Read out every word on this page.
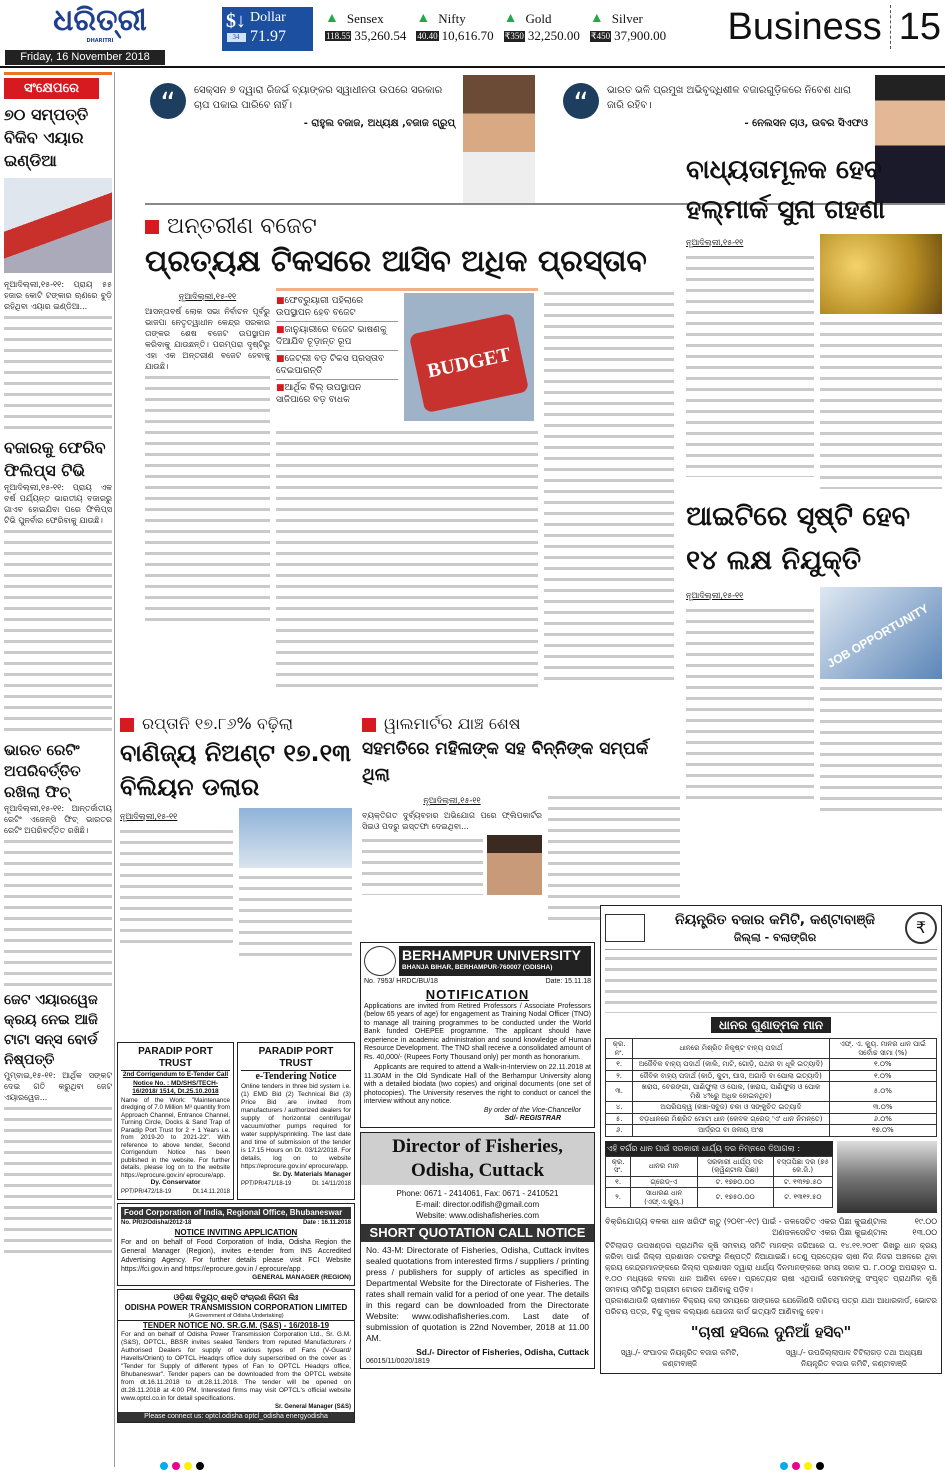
ଧରିତ୍ରୀ
DHARITRI
Friday, 16 November 2018
$↓
34
Dollar
71.97
▲ Sensex
118.55 35,260.54
▲ Nifty
40.40 10,616.70
▲ Gold
₹350 32,250.00
▲ Silver
₹450 37,900.00 Business 15
ସଂକ୍ଷେପରେ
୭୦ ସମ୍ପତ୍ତି ବିକିବ ଏୟାର ଇଣ୍ଡିଆ
ନୂଆଦିଲ୍ଲୀ,୧୫-୧୧: ପ୍ରାୟ ୫୫ ହଜାର କୋଟି ଟଙ୍କାର ଋଣରେ ବୁଡ଼ି ରହିଥିବା ଏୟାର ଇଣ୍ଡିଆ...
ବଜାରକୁ ଫେରିବ ଫିଲିପ୍ସ ଟିଭି
ନୂଆଦିଲ୍ଲୀ,୧୫-୧୧: ପ୍ରାୟ ଏକ ବର୍ଷ ପର୍ଯ୍ୟନ୍ତ ଭାରତୀୟ ବଜାରରୁ ଗାଏବ ହୋଇଯିବା ପରେ ଫିଲିପ୍ସ ଟିଭି ପୁନର୍ବାର ଫେରିବାକୁ ଯାଉଛି।
ଭାରତ ରେଟିଂ ଅପରିବର୍ତ୍ତିତ ରଖିଲା ଫିଚ୍
ନୂଆଦିଲ୍ଲୀ,୧୫-୧୧: ଆନ୍ତର୍ଜାତୀୟ ରେଟିଂ ଏଜେନ୍ସି ଫିଚ୍ ଭାରତର ରେଟିଂ ଅପରିବର୍ତ୍ତିତ ରଖିଛି।
ଜେଟ ଏୟାରୱେଜ କ୍ରୟ ନେଇ ଆଜି ଟାଟା ସନ୍ସ ବୋର୍ଡ ନିଷ୍ପତ୍ତି
ମୁମ୍ବାଇ,୧୫-୧୧: ଆର୍ଥିକ ସଙ୍କଟ ଦେଇ ଗତି କରୁଥିବା ଜେଟ ଏୟାରୱେଜ...
“	ସେକ୍ସନ ୭ ଦ୍ୱାରା ରିଜର୍ଭ ବ୍ୟାଙ୍କର ସ୍ୱାଧୀନତା ଉପରେ ସରକାର ଚାପ ପକାଇ ପାରିବେ ନାହିଁ।
- ରାହୁଲ ବଜାଜ, ଅଧ୍ୟକ୍ଷ ,ବଜାଜ ଗ୍ରୁପ୍
“	ଭାରତ ଭଳି ପ୍ରମୁଖ ଅଭିବୃଦ୍ଧିଶୀଳ ବଜାରଗୁଡ଼ିକରେ ନିବେଶ ଧାରା ଜାରି ରହିବ।
- ନେଲସନ ଚାଓ, ଉବର ସିଏଫଓ
ଅନ୍ତରୀଣ ବଜେଟ
ପ୍ରତ୍ୟକ୍ଷ ଟିକସରେ ଆସିବ ଅଧିକ ପ୍ରସ୍ତାବ
ନୂଆଦିଲ୍ଲୀ,୧୫-୧୧
ଆସନ୍ତାବର୍ଷ ଲୋକ ସଭା ନିର୍ବାଚନ ପୂର୍ବରୁ ଭାଜପା ନେତୃତ୍ୱାଧୀନ କେନ୍ଦ୍ର ସରକାର ତାଙ୍କର ଶେଷ ବଜେଟ ଉପସ୍ଥାପନ କରିବାକୁ ଯାଉଛନ୍ତି। ପରମ୍ପରା ଦୃଷ୍ଟିରୁ ଏହା ଏକ ଅନ୍ତରୀଣ ବଜେଟ ହେବାକୁ ଯାଉଛି।
■ଫେବ୍ରୁୟାରୀ ପହିଲାରେ ଉପସ୍ଥାପନ ହେବ ବଜେଟ
■ଜାନୁୟାରୀରେ ବଜେଟ ଭାଷଣକୁ ଦିଆଯିବ ଚୂଡ଼ାନ୍ତ ରୂପ
■ଜେଟ୍‌ଲୀ ବଡ଼ ଟିକସ ପ୍ରସ୍ତାବ ଦେଇପାରନ୍ତି
■ଆର୍ଥିକ ବିଲ୍ ଉପସ୍ଥାପନ ସାଜିପାରେ ବଡ଼ ବାଧକ
BUDGET
ବାଧ୍ୟତାମୂଳକ ହେବ ହଲ୍‌ମାର୍କ ସୁନା ଗହଣା
ନୂଆଦିଲ୍ଲୀ,୧୫-୧୧
ଆଇଟିରେ ସୃଷ୍ଟି ହେବ ୧୪ ଲକ୍ଷ ନିଯୁକ୍ତି
ନୂଆଦିଲ୍ଲୀ,୧୫-୧୧
JOB OPPORTUNITY
ରପ୍ତାନି ୧୭.୮୬% ବଢ଼ିଲା
ବାଣିଜ୍ୟ ନିଅଣ୍ଟ ୧୭.୧୩ ବିଲିୟନ ଡଲାର
ନୂଆଦିଲ୍ଲୀ,୧୫-୧୧
ୱାଲମାର୍ଟର ଯାଞ୍ଚ ଶେଷ
ସହମତିରେ ମହିଳାଙ୍କ ସହ ବିନ୍ନିଙ୍କ ସମ୍ପର୍କ ଥିଲା
ନୂଆଦିଲ୍ଲୀ,୧୫-୧୧
ବ୍ୟକ୍ତିଗତ ଦୁର୍ବ୍ୟବହାର ଅଭିଯୋଗ ପରେ ଫ୍ଲିପକାର୍ଟର ସିଇଓ ପଦରୁ ଇସ୍ତଫା ଦେଇଥିବା...
PARADIP PORT TRUST
2nd Corrigendum to E-Tender Call Notice No. : MD/SHS/TECH-16/2018/ 1514, Dt.25.10.2018

Name of the Work: "Maintenance dredging of 7.0 Million M³ quantity from Approach Channel, Entrance Channel, Turning Circle, Docks & Sand Trap of Paradip Port Trust for 2 + 1 Years i.e. from 2019-20 to 2021-22". With reference to above tender, Second Corrigendum Notice has been published in the website. For further details, please log on to the website https://eprocure.gov.in/ eprocure/app.

Dy. Conservator
PPT/PR/472/18-19	Dt.14.11.2018
PARADIP PORT TRUST
e-Tendering Notice

Online tenders in three bid system i.e. (1) EMD Bid (2) Technical Bid (3) Price Bid are invited from manufacturers / authorized dealers for supply of horizontal centrifugal/ vacuum/other pumps required for water supply/sprinkling. The last date and time of submission of the tender is 17.15 Hours on Dt. 03/12/2018. For details, log on to website https://eprocure.gov.in/ eprocure/app.

Sr. Dy. Materials Manager
PPT/PR/471/18-19	Dt. 14/11/2018
Food Corporation of India, Regional Office, Bhubaneswar
No. PR/2/Odisha/2012-18	Date : 16.11.2018
NOTICE INVITING APPLICATION

For and on behalf of Food Corporation of India, Odisha Region the General Manager (Region), invites e-tender from INS Accredited Advertising Agency. For further details please visit FCI Website https://fci.gov.in and https://eprocure.gov.in / eprocure/app .

GENERAL MANAGER (REGION)
ଓଡ଼ିଶା ବିଦ୍ୟୁତ୍ ଶକ୍ତି ସଂଚାରଣ ନିଗମ ଲିଃ
ODISHA POWER TRANSMISSION CORPORATION LIMITED
(A Government of Odisha Undertaking)
TENDER NOTICE NO. SR.G.M. (S&S) - 16/2018-19

For and on behalf of Odisha Power Transmission Corporation Ltd., Sr. G.M. (S&S), OPTCL, BBSR invites sealed Tenders from reputed Manufacturers / Authorised Dealers for supply of various types of Fans (V-Guard/ Havells/Orient) to OPTCL Headqrs office duly superscribed on the cover as : "Tender for Supply of different types of Fan to OPTCL Headqrs office, Bhubaneswar". Tender papers can be downloaded from the OPTCL website from dt.16.11.2018 to dt.28.11.2018. The tender will be opened on dt.28.11.2018 at 4:00 PM. Interested firms may visit OPTCL's official website www.optcl.co.in for detail specifications.

Sr. General Manager (S&S)
Please connect us: optcl.odisha optcl_odisha energyodisha
BERHAMPUR UNIVERSITY
BHANJA BIHAR, BERHAMPUR-760007 (ODISHA)
No. 7953/ HRDC/BU/18	Date: 15.11.18
NOTIFICATION

Applications are invited from Retired Professors / Associate Professors (below 65 years of age) for engagement as Training Nodal Officer (TNO) to manage all training programmes to be conducted under the World Bank funded OHEPEE programme. The applicant should have experience in academic administration and sound knowledge of Human Resource Development. The TNO shall receive a consolidated amount of Rs. 40,000/- (Rupees Forty Thousand only) per month as honorarium.

Applicants are required to attend a Walk-in-Interview on 22.11.2018 at 11.30AM in the Old Syndicate Hall of the Berhampur University along with a detailed biodata (two copies) and original documents (one set of photocopies). The University reserves the right to conduct or cancel the interview without any notice.

By order of the Vice-Chancellor
Sd/- REGISTRAR
Director of Fisheries, Odisha, Cuttack
Phone: 0671 - 2414061, Fax: 0671 - 2410521
E-mail: director.odifish@gmail.com
Website: www.odishafisheries.com
SHORT QUOTATION CALL NOTICE

No. 43-M: Directorate of Fisheries, Odisha, Cuttack invites sealed quotations from interested firms / suppliers / printing press / publishers for supply of articles as specified in Departmental Website for the Directorate of Fisheries. The rates shall remain valid for a period of one year. The details in this regard can be downloaded from the Directorate Website: www.odishafisheries.com. Last date of submission of quotation is 22nd November, 2018 at 11.00 AM.

Sd./- Director of Fisheries, Odisha, Cuttack
06015/11/0020/1819
ନିୟନ୍ତ୍ରିତ ବଜାର କମିଟି, କଣ୍ଟାବାଞ୍ଜି
ଜିଲ୍ଲା - ବଲାଙ୍ଗିର
₹
ଧାନର ଗୁଣାତ୍ମକ ମାନ
କ୍ର. ନଂ.	ଧାନରେ ମିଶ୍ରିତ ନିକୃଷ୍ଟ ବାହ୍ୟ ପଦାର୍ଥ	ଏଫ୍. ଏ. କ୍ୟୁ. ମାନର ଧାନ ପାଇଁ ସର୍ବୋଚ୍ଚ ସୀମା (%)
୧.	ଅଜୈବିକ ବାହ୍ୟ ପଦାର୍ଥ (କାଲି, ମାଟି, ଗୋଡ଼ି, ପଥର ବା ଧୂଳି ଇତ୍ୟାଦି)	୧.୦%
୨.	ଜୈବିକ ବାହ୍ୟ ପଦାର୍ଥ (କାଠି, କୁଟା, ଘାସ, ଅଗାଡ଼ି ବା ପୋଲା ଇତ୍ୟାଦି)	୧.୦%
୩.	ଖରାପ, ବେରଙ୍ଗୀ, ପାଣିଫୁଲା ଓ ପୋକ, (ଖରାପ, ପାଣିଫୁଲା ଓ ପୋକ ମିଶି ୪%ରୁ ଅଧିକ ହୋଇନଥିବ)	୫.୦%
୪.	ଅପରିପକ୍ୱ (କଞ୍ଚା-ସବୁଜ) ଚକା ଓ ସଙ୍କୁଚିତ ଇତ୍ୟାଦି	୩.୦%
୫.	ବଡ଼ଧାନରେ ମିଶ୍ରିତ ମୋଟା ଧାନ (କେବଳ ଗ୍ରେଡ୍ 'ଏ' ଧାନ ନିମନ୍ତେ)	୬.୦%
୬.	ଆର୍ଦ୍ରତା ବା ଜଳୀୟ ଅଂଶ	୧୭.୦%
ଏହି ବର୍ଗର ଧାନ ପାଇଁ ସରକାରୀ ଧାର୍ଯ୍ୟ ଦର ନିମ୍ନରେ ଦିଆଗଲା :
କ୍ର. ସଂ.	ଧାନର ମାନ	ସରକାରୀ ଧାର୍ଯ୍ୟ ଦର (କ୍ୱିଣ୍ଟାଲ ପିଛା)	ବସ୍ତାପିଛା ଦର (୭୫ କେ.ଜି.)
୧.	ଗ୍ରେଡ୍-ଏ	ଟ. ୧୭୭୦.୦୦	ଟ. ୧୩୨୭.୫୦
୨.	ସାଧାରଣ ଧାନ (ଏଫ୍.ଏ.କ୍ୟୁ.)	ଟ. ୧୭୫୦.୦୦	ଟ. ୧୩୧୨.୫୦
ବିକ୍ରିଯୋଗ୍ୟ ବଳକା ଧାନ ଖରିଫ ଋତୁ (୨୦୧୮-୧୯) ପାଇଁ - ଜଳସେଚିତ ଏକର ପିଛା କୁଇଣ୍ଟାଲ	୧୯.୦୦
ଅଣଜଳସେଚିତ ଏକର ପିଛା କୁଇଣ୍ଟାଲ	୧୩.୦୦

ଟିଟିଲାଗଡ଼ ଉପଖଣ୍ଡର ପ୍ରାଥମିକ କୃଷି ସମବାୟ ସମିତି ମାନଙ୍କ ଜରିଆରେ ତା. ୧୪.୧୧.୨୦୧୮ ରିଖରୁ ଧାନ କ୍ରୟ କରିବା ପାଇଁ ଜିଲ୍ଲା ପ୍ରଶାସନ ତରଫରୁ ନିଷ୍ପତ୍ତି ନିଆଯାଇଛି। ତେଣୁ ପ୍ରତ୍ୟେକ ଚାଷୀ ନିଜ ନିଜର ଅଞ୍ଚଳରେ ଥିବା କ୍ରୟ କେନ୍ଦ୍ରମାନଙ୍କରେ ଜିଲ୍ଲା ପ୍ରଶାସନ ଦ୍ୱାରା ଧାର୍ଯ୍ୟ ଦିନମାନଙ୍କରେ ସମୟ ସକାଳ ଘ. ୮.୦୦ରୁ ଅପରାହ୍ନ ଘ. ୧.୦୦ ମଧ୍ୟରେ ବଳକା ଧାନ ଆଣିବା ହେବେ। ପ୍ରତ୍ୟେକ ଚାଷୀ ଏଥିପାଇଁ ସେମାନଙ୍କୁ ସଂପୃକ୍ତ ପ୍ରାଥମିକ କୃଷି ସମବାୟ ସମିତିରୁ ଅଗ୍ରୀମ ଟୋକନ ଆଣିବାକୁ ପଡ଼ିବ।

ପ୍ରକାଶଥାଉକି ଚାଷୀମାନେ ବିକ୍ରୟ କଲା ସମୟରେ ସାଙ୍ଗରେ ଯେକୌଣସି ପରିଚୟ ପତ୍ର ଯଥା ଆଧାରକାର୍ଡ, ଭୋଟର ପରିଚୟ ପତ୍ର, ବିଜୁ କୃଷକ କଲ୍ୟାଣ ଯୋଜନା କାର୍ଡ ଇତ୍ୟାଦି ଆଣିବାକୁ ହେବ।

"ଚାଷୀ ହସିଲେ ଦୁନିଆଁ ହସିବ"
ସ୍ୱା./- ସଂପାଦକ ନିୟନ୍ତ୍ରିତ ବଜାର କମିଟି, କଣ୍ଟାବାଞ୍ଜି
ସ୍ୱା./- ଉପଜିଲ୍ଲାପାଳ ଟିଟିଲାଗଡ଼ ତଥା ଅଧ୍ୟକ୍ଷ ନିୟନ୍ତ୍ରିତ ବଜାର କମିଟି, କଣ୍ଟାବାଞ୍ଜି
